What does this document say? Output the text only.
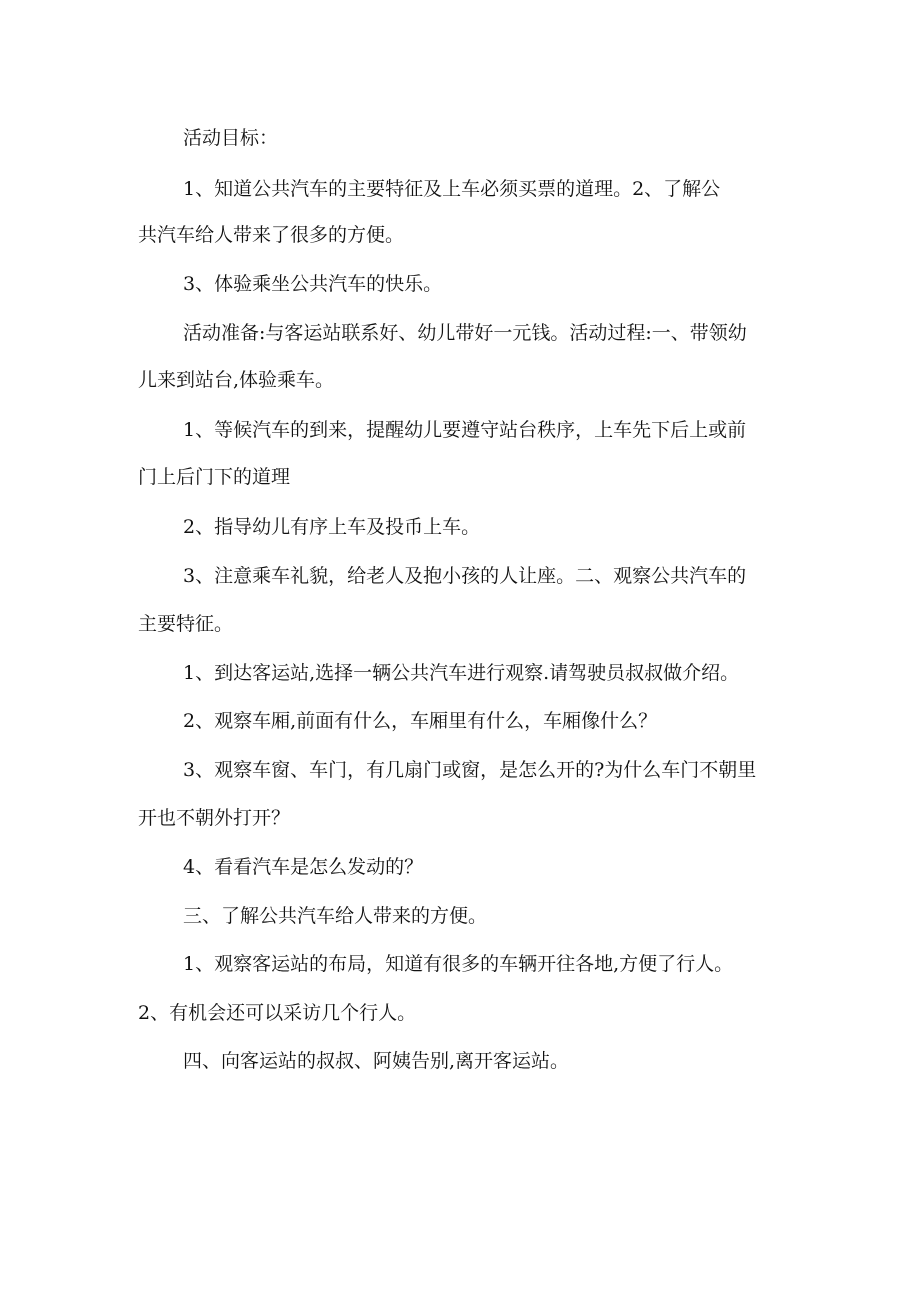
活动目标：

1、知道公共汽车的主要特征及上车必须买票的道理。2、了解公

共汽车给人带来了很多的方便。

3、体验乘坐公共汽车的快乐。

活动准备:与客运站联系好、幼儿带好一元钱。活动过程:一、带领幼

儿来到站台,体验乘车。

1、等候汽车的到来，提醒幼儿要遵守站台秩序，上车先下后上或前

门上后门下的道理

2、指导幼儿有序上车及投币上车。

3、注意乘车礼貌，给老人及抱小孩的人让座。二、观察公共汽车的

主要特征。

1、到达客运站,选择一辆公共汽车进行观察.请驾驶员叔叔做介绍。

2、观察车厢,前面有什么，车厢里有什么，车厢像什么？

3、观察车窗、车门，有几扇门或窗，是怎么开的?为什么车门不朝里

开也不朝外打开？

4、看看汽车是怎么发动的？

三、了解公共汽车给人带来的方便。

1、观察客运站的布局，知道有很多的车辆开往各地,方便了行人。

2、有机会还可以采访几个行人。

四、向客运站的叔叔、阿姨告别,离开客运站。
